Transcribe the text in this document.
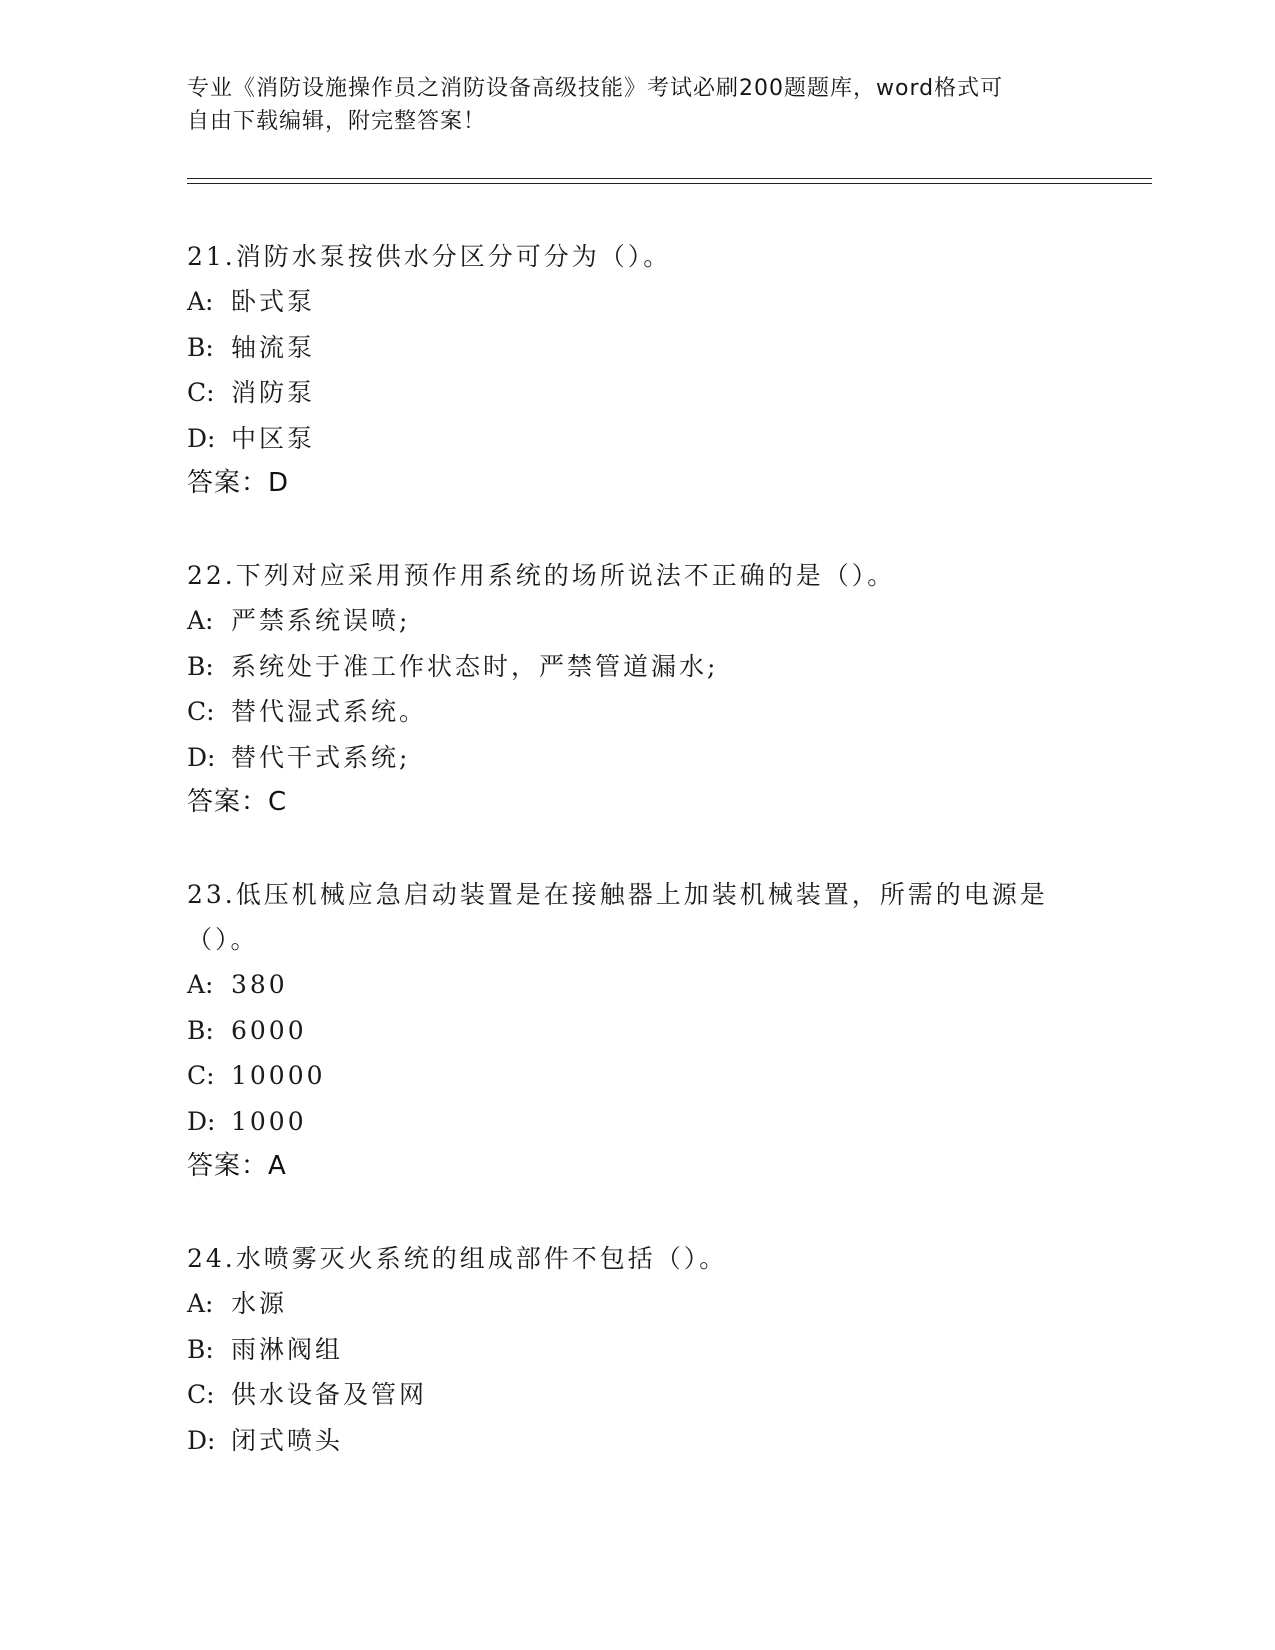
专业《消防设施操作员之消防设备高级技能》考试必刷200题题库，word格式可
自由下载编辑，附完整答案！
21.消防水泵按供水分区分可分为（）。
A: 卧式泵
B: 轴流泵
C: 消防泵
D: 中区泵
答案：D
22.下列对应采用预作用系统的场所说法不正确的是（）。
A: 严禁系统误喷;
B: 系统处于准工作状态时，严禁管道漏水;
C: 替代湿式系统。
D: 替代干式系统;
答案：C
23.低压机械应急启动装置是在接触器上加装机械装置，所需的电源是
（）。
A: 380
B: 6000
C: 10000
D: 1000
答案：A
24.水喷雾灭火系统的组成部件不包括（）。
A: 水源
B: 雨淋阀组
C: 供水设备及管网
D: 闭式喷头
